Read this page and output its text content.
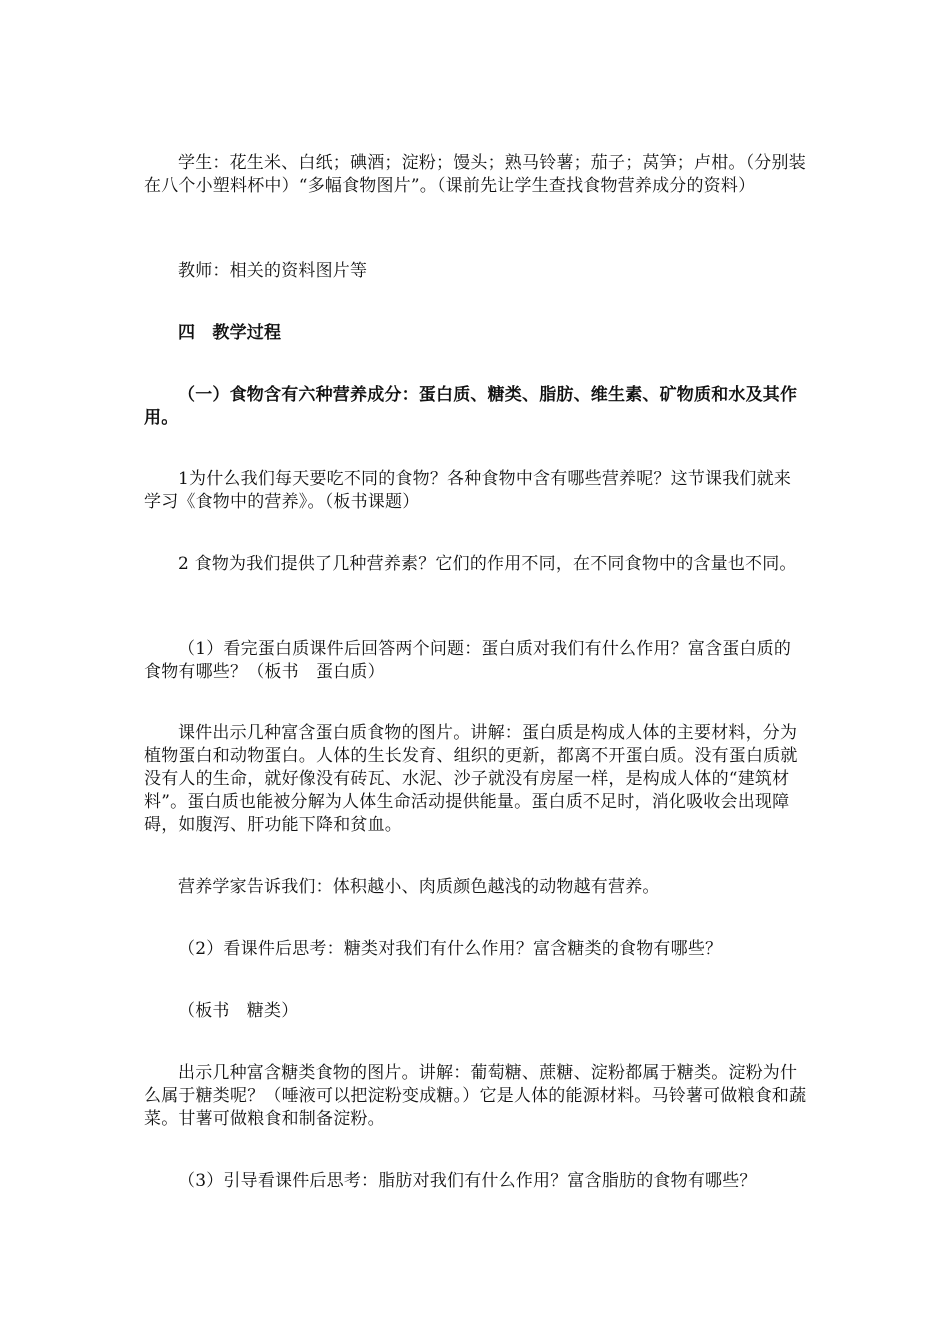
学生：花生米、白纸；碘酒；淀粉；馒头；熟马铃薯；茄子；莴笋；卢柑。（分别装在八个小塑料杯中）“多幅食物图片”。（课前先让学生查找食物营养成分的资料）

教师：相关的资料图片等

四　教学过程

（一）食物含有六种营养成分：蛋白质、糖类、脂肪、维生素、矿物质和水及其作用。

1为什么我们每天要吃不同的食物？各种食物中含有哪些营养呢？这节课我们就来学习《食物中的营养》。（板书课题）

2 食物为我们提供了几种营养素？它们的作用不同，在不同食物中的含量也不同。

（1）看完蛋白质课件后回答两个问题：蛋白质对我们有什么作用？富含蛋白质的食物有哪些？（板书　蛋白质）

课件出示几种富含蛋白质食物的图片。讲解：蛋白质是构成人体的主要材料，分为植物蛋白和动物蛋白。人体的生长发育、组织的更新，都离不开蛋白质。没有蛋白质就没有人的生命，就好像没有砖瓦、水泥、沙子就没有房屋一样，是构成人体的“建筑材料”。蛋白质也能被分解为人体生命活动提供能量。蛋白质不足时，消化吸收会出现障碍，如腹泻、肝功能下降和贫血。

营养学家告诉我们：体积越小、肉质颜色越浅的动物越有营养。

（2）看课件后思考：糖类对我们有什么作用？富含糖类的食物有哪些？

（板书　糖类）

出示几种富含糖类食物的图片。讲解：葡萄糖、蔗糖、淀粉都属于糖类。淀粉为什么属于糖类呢？（唾液可以把淀粉变成糖。）它是人体的能源材料。马铃薯可做粮食和蔬菜。甘薯可做粮食和制备淀粉。

（3）引导看课件后思考：脂肪对我们有什么作用？富含脂肪的食物有哪些？
